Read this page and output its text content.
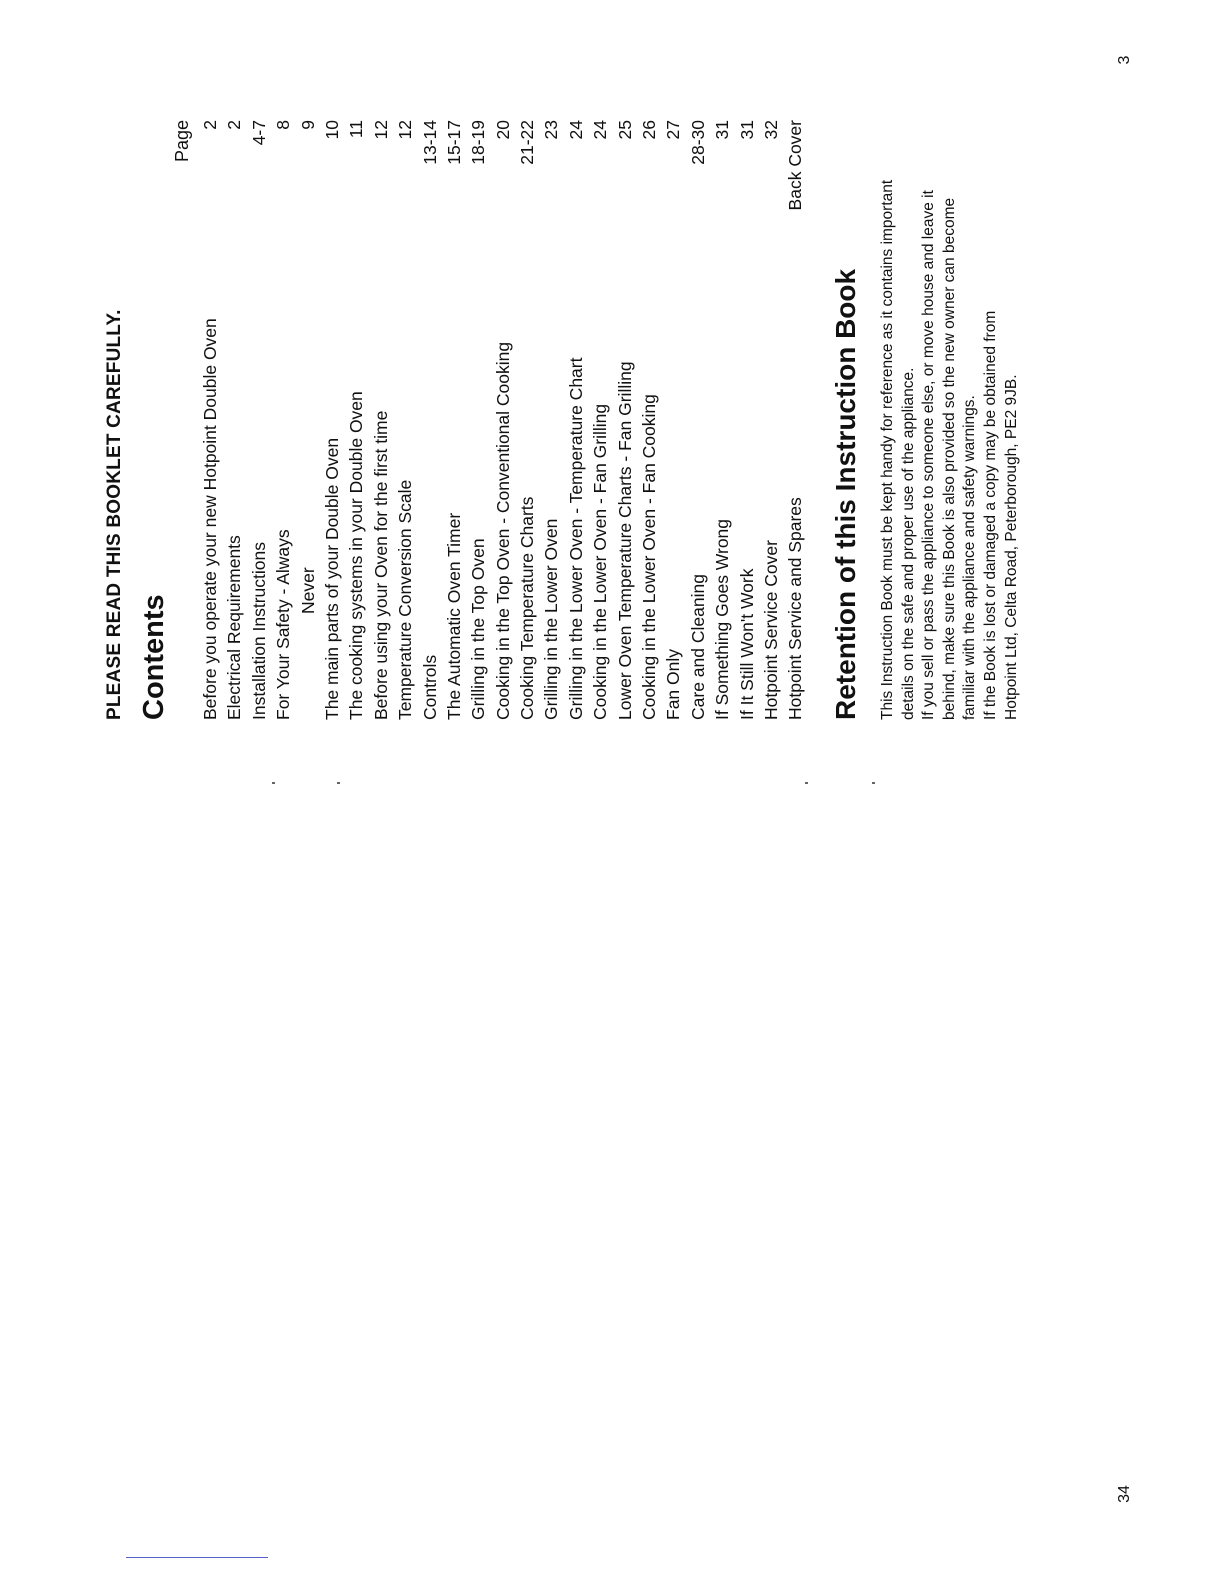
PLEASE READ THIS BOOKLET CAREFULLY. Contents
Page
Before you operate your new Hotpoint Double Oven
2
Electrical Requirements
2
Installation Instructions
4-7
For Your Safety - Always
8
Never
9
The main parts of your Double Oven
10
The cooking systems in your Double Oven
11
Before using your Oven for the first time
12
Temperature Conversion Scale
12
Controls
13-14
The Automatic Oven Timer
15-17
Grilling in the Top Oven
18-19
Cooking in the Top Oven - Conventional Cooking
20
Cooking Temperature Charts
21-22
Grilling in the Lower Oven
23
Grilling in the Lower Oven - Temperature Chart
24
Cooking in the Lower Oven - Fan Grilling
24
Lower Oven Temperature Charts - Fan Grilling
25
Cooking in the Lower Oven - Fan Cooking
26
Fan Only
27
Care and Cleaning
28-30
If Something Goes Wrong
31
If It Still Won't Work
31
Hotpoint Service Cover
32
Hotpoint Service and Spares
Back Cover
Retention of this Instruction Book This Instruction Book must be kept handy for reference as it contains important details on the safe and proper use of the appliance. If you sell or pass the appliance to someone else, or move house and leave it behind, make sure this Book is also provided so the new owner can become familiar with the appliance and safety warnings. If the Book is lost or damaged a copy may be obtained from Hotpoint Ltd, Celta Road, Peterborough, PE2 9JB.
3
34
